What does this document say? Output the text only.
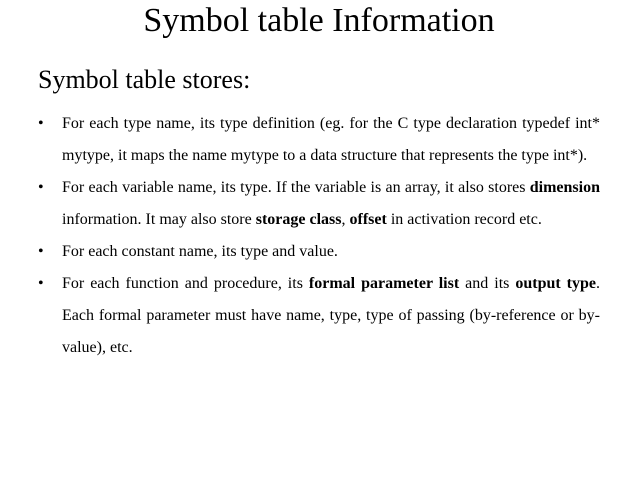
Symbol table Information
Symbol table stores:
• For each type name, its type definition (eg. for the C type declaration typedef int* mytype, it maps the name mytype to a data structure that represents the type int*).
• For each variable name, its type. If the variable is an array, it also stores dimension information. It may also store storage class, offset in activation record etc.
• For each constant name, its type and value.
• For each function and procedure, its formal parameter list and its output type. Each formal parameter must have name, type, type of passing (by-reference or by-value), etc.
